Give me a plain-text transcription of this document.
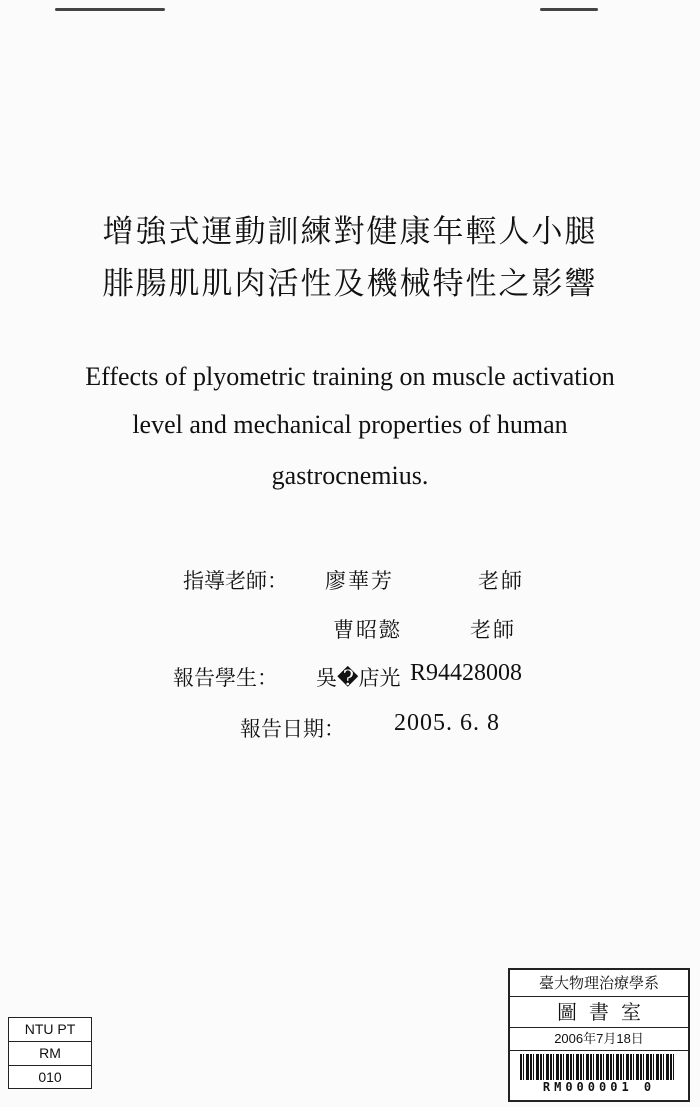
增強式運動訓練對健康年輕人小腿
腓腸肌肌肉活性及機械特性之影響
Effects of plyometric training on muscle activation
level and mechanical properties of human
gastrocnemius.
指導老師： 廖華芳	老師
曹昭懿	老師
報告學生： 吳�店光 R94428008
報告日期： 2005. 6. 8
臺大物理治療學系
圖書室
2006年7月18日
RM000001 0
NTU PT
RM
010
